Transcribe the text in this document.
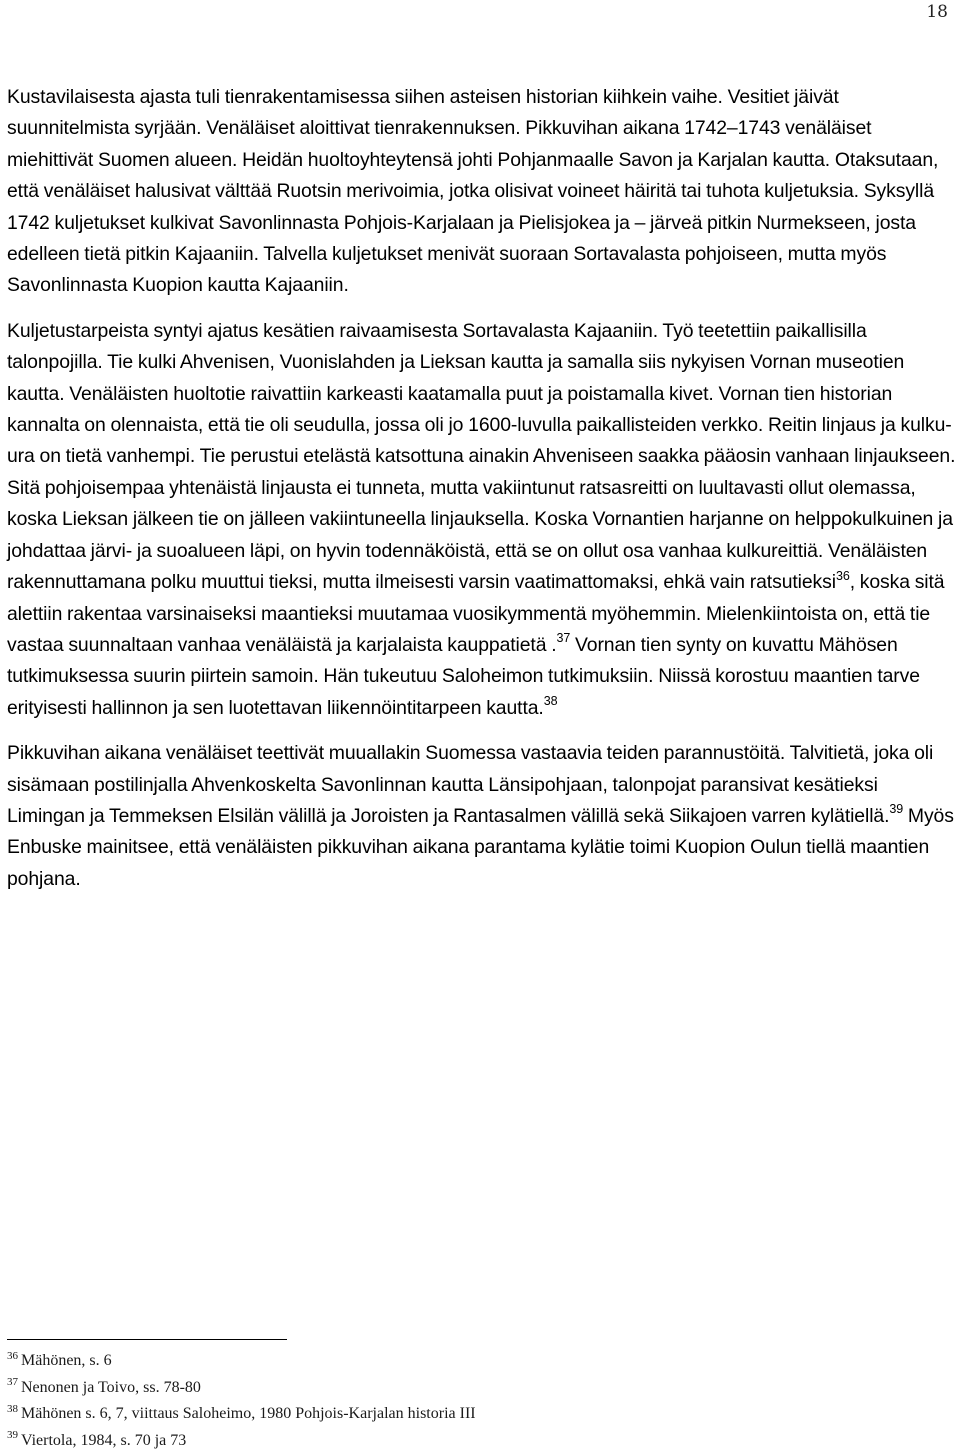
18

Kustavilaisesta ajasta tuli tienrakentamisessa siihen asteisen historian kiihkein vaihe. Vesitiet jäivät suunnitelmista syrjään. Venäläiset aloittivat tienrakennuksen. Pikkuvihan aikana 1742–1743 venäläiset miehittivät Suomen alueen. Heidän huoltoyhteytensä johti Pohjanmaalle Savon ja Karjalan kautta. Otaksutaan, että venäläiset halusivat välttää Ruotsin merivoimia, jotka olisivat voineet häiritä tai tuhota kuljetuksia. Syksyllä 1742 kuljetukset kulkivat Savonlinnasta Pohjois-Karjalaan ja Pielisjokea ja – järveä pitkin Nurmekseen, josta edelleen tietä pitkin Kajaaniin. Talvella kuljetukset menivät suoraan Sortavalasta pohjoiseen, mutta myös Savonlinnasta Kuopion kautta Kajaaniin.

Kuljetustarpeista syntyi ajatus kesätien raivaamisesta Sortavalasta Kajaaniin. Työ teetettiin paikallisilla talonpojilla. Tie kulki Ahvenisen, Vuonislahden ja Lieksan kautta ja samalla siis nykyisen Vornan museotien kautta. Venäläisten huoltotie raivattiin karkeasti kaatamalla puut ja poistamalla kivet. Vornan tien historian kannalta on olennaista, että tie oli seudulla, jossa oli jo 1600-luvulla paikallisteiden verkko. Reitin linjaus ja kulku-ura on tietä vanhempi. Tie perustui etelästä katsottuna ainakin Ahveniseen saakka pääosin vanhaan linjaukseen. Sitä pohjoisempaa yhtenäistä linjausta ei tunneta, mutta vakiintunut ratsasreitti on luultavasti ollut olemassa, koska Lieksan jälkeen tie on jälleen vakiintuneella linjauksella. Koska Vornantien harjanne on helppokulkuinen ja johdattaa järvi- ja suoalueen läpi, on hyvin todennäköistä, että se on ollut osa vanhaa kulkureittiä. Venäläisten rakennuttamana polku muuttui tieksi, mutta ilmeisesti varsin vaatimattomaksi, ehkä vain ratsutieksi$^{36}$, koska sitä alettiin rakentaa varsinaiseksi maantieksi muutamaa vuosikymmentä myöhemmin. Mielenkiintoista on, että tie vastaa suunnaltaan vanhaa venäläistä ja karjalaista kauppatietä .$^{37}$ Vornan tien synty on kuvattu Mähösen tutkimuksessa suurin piirtein samoin. Hän tukeutuu Saloheimon tutkimuksiin. Niissä korostuu maantien tarve erityisesti hallinnon ja sen luotettavan liikennöintitarpeen kautta.$^{38}$

Pikkuvihan aikana venäläiset teettivät muuallakin Suomessa vastaavia teiden parannustöitä. Talvitietä, joka oli sisämaan postilinjalla Ahvenkoskelta Savonlinnan kautta Länsipohjaan, talonpojat paransivat kesätieksi Limingan ja Temmeksen Elsilän välillä ja Joroisten ja Rantasalmen välillä sekä Siikajoen varren kylätiellä.$^{39}$ Myös Enbuske mainitsee, että venäläisten pikkuvihan aikana parantama kylätie toimi Kuopion Oulun tiellä maantien pohjana.

$^{36}$ Mähönen, s. 6
$^{37}$ Nenonen ja Toivo, ss. 78-80
$^{38}$ Mähönen s. 6, 7, viittaus Saloheimo, 1980 Pohjois-Karjalan historia III
$^{39}$ Viertola, 1984, s. 70 ja 73
